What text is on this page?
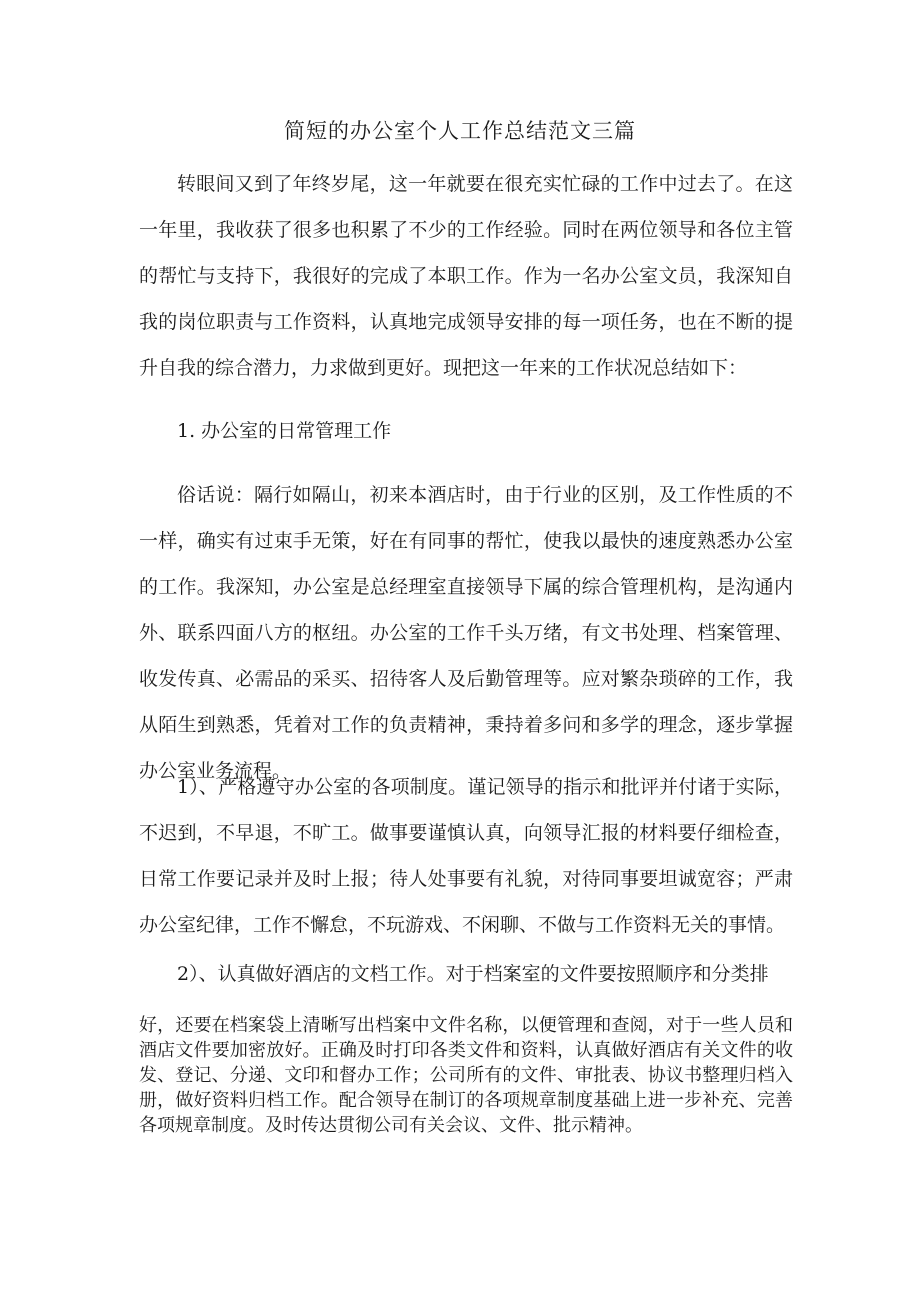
简短的办公室个人工作总结范文三篇

转眼间又到了年终岁尾，这一年就要在很充实忙碌的工作中过去了。在这一年里，我收获了很多也积累了不少的工作经验。同时在两位领导和各位主管的帮忙与支持下，我很好的完成了本职工作。作为一名办公室文员，我深知自我的岗位职责与工作资料，认真地完成领导安排的每一项任务，也在不断的提升自我的综合潜力，力求做到更好。现把这一年来的工作状况总结如下：

1. 办公室的日常管理工作

俗话说：隔行如隔山，初来本酒店时，由于行业的区别，及工作性质的不一样，确实有过束手无策，好在有同事的帮忙，使我以最快的速度熟悉办公室的工作。我深知，办公室是总经理室直接领导下属的综合管理机构，是沟通内外、联系四面八方的枢纽。办公室的工作千头万绪，有文书处理、档案管理、收发传真、必需品的采买、招待客人及后勤管理等。应对繁杂琐碎的工作，我从陌生到熟悉，凭着对工作的负责精神，秉持着多问和多学的理念，逐步掌握办公室业务流程。

1）、严格遵守办公室的各项制度。谨记领导的指示和批评并付诸于实际，不迟到，不早退，不旷工。做事要谨慎认真，向领导汇报的材料要仔细检查，日常工作要记录并及时上报；待人处事要有礼貌，对待同事要坦诚宽容；严肃办公室纪律，工作不懈怠，不玩游戏、不闲聊、不做与工作资料无关的事情。

2）、认真做好酒店的文档工作。对于档案室的文件要按照顺序和分类排

好，还要在档案袋上清晰写出档案中文件名称，以便管理和查阅，对于一些人员和酒店文件要加密放好。正确及时打印各类文件和资料，认真做好酒店有关文件的收发、登记、分递、文印和督办工作；公司所有的文件、审批表、协议书整理归档入册，做好资料归档工作。配合领导在制订的各项规章制度基础上进一步补充、完善各项规章制度。及时传达贯彻公司有关会议、文件、批示精神。
